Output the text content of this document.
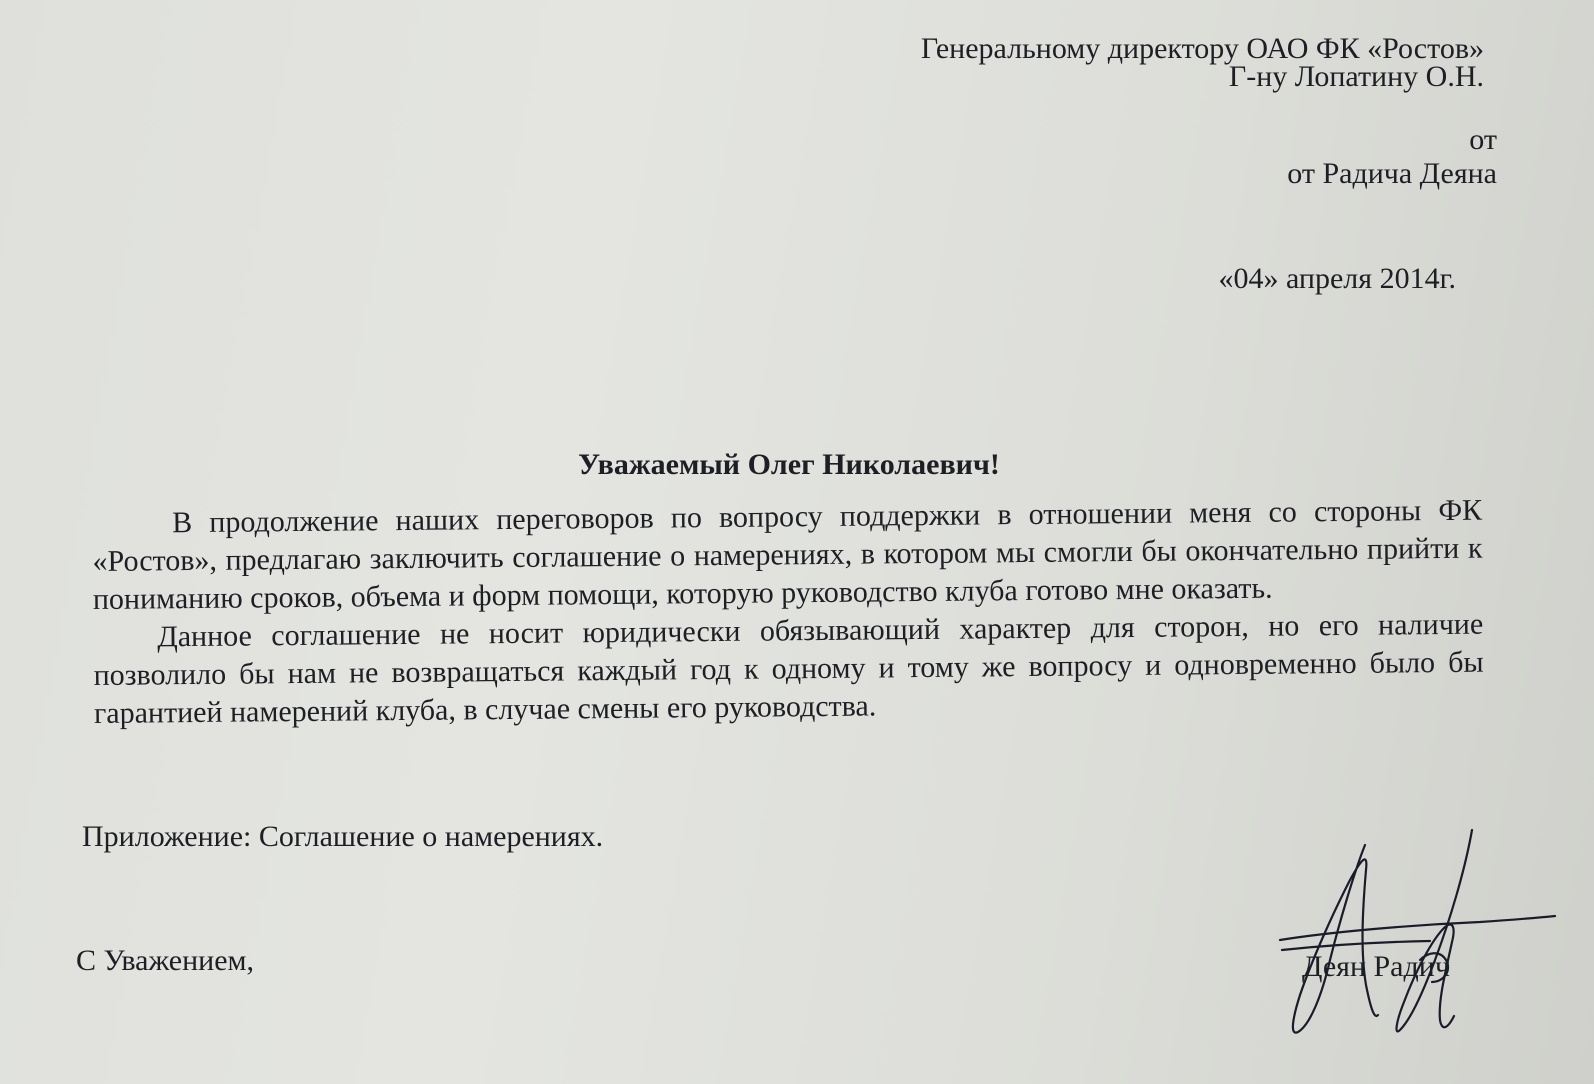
Генеральному директору ОАО ФК «Ростов»
Г-ну Лопатину О.Н.
от
от Радича Деяна
«04» апреля 2014г.
Уважаемый Олег Николаевич!

В продолжение наших переговоров по вопросу поддержки в отношении меня со стороны ФК «Ростов», предлагаю заключить соглашение о намерениях, в котором мы смогли бы окончательно прийти к пониманию сроков, объема и форм помощи, которую руководство клуба готово мне оказать.

Данное соглашение не носит юридически обязывающий характер для сторон, но его наличие позволило бы нам не возвращаться каждый год к одному и тому же вопросу и одновременно было бы гарантией намерений клуба, в случае смены его руководства.

Приложение: Соглашение о намерениях.
С Уважением,	Деян Радич
